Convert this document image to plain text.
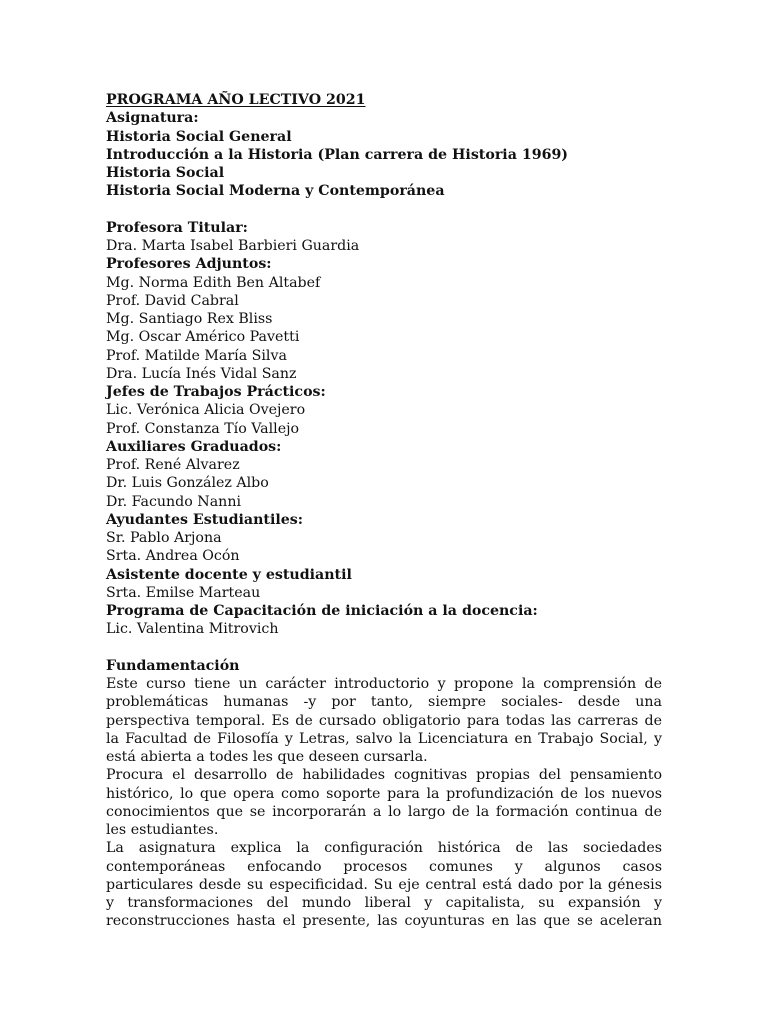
PROGRAMA AÑO LECTIVO 2021
Asignatura:
Historia Social General
Introducción a la Historia (Plan carrera de Historia 1969)
Historia Social
Historia Social Moderna y Contemporánea
Profesora Titular:
Dra. Marta Isabel Barbieri Guardia
Profesores Adjuntos:
Mg. Norma Edith Ben Altabef
Prof. David Cabral
Mg. Santiago Rex Bliss
Mg. Oscar Américo Pavetti
Prof. Matilde María Silva
Dra. Lucía Inés Vidal Sanz
Jefes de Trabajos Prácticos:
Lic. Verónica Alicia Ovejero
Prof. Constanza Tío Vallejo
Auxiliares Graduados:
Prof. René Alvarez
Dr. Luis González Albo
Dr. Facundo Nanni
Ayudantes Estudiantiles:
Sr. Pablo Arjona
Srta. Andrea Ocón
Asistente docente y estudiantil
Srta. Emilse Marteau
Programa de Capacitación de iniciación a la docencia:
Lic. Valentina Mitrovich
Fundamentación
Este curso tiene un carácter introductorio y propone la comprensión de
problemáticas humanas -y por tanto, siempre sociales- desde una
perspectiva temporal. Es de cursado obligatorio para todas las carreras de
la Facultad de Filosofía y Letras, salvo la Licenciatura en Trabajo Social, y
está abierta a todes les que deseen cursarla.
Procura el desarrollo de habilidades cognitivas propias del pensamiento
histórico, lo que opera como soporte para la profundización de los nuevos
conocimientos que se incorporarán a lo largo de la formación continua de
les estudiantes.
La asignatura explica la configuración histórica de las sociedades
contemporáneas enfocando procesos comunes y algunos casos
particulares desde su especificidad. Su eje central está dado por la génesis
y transformaciones del mundo liberal y capitalista, su expansión y
reconstrucciones hasta el presente, las coyunturas en las que se aceleran
